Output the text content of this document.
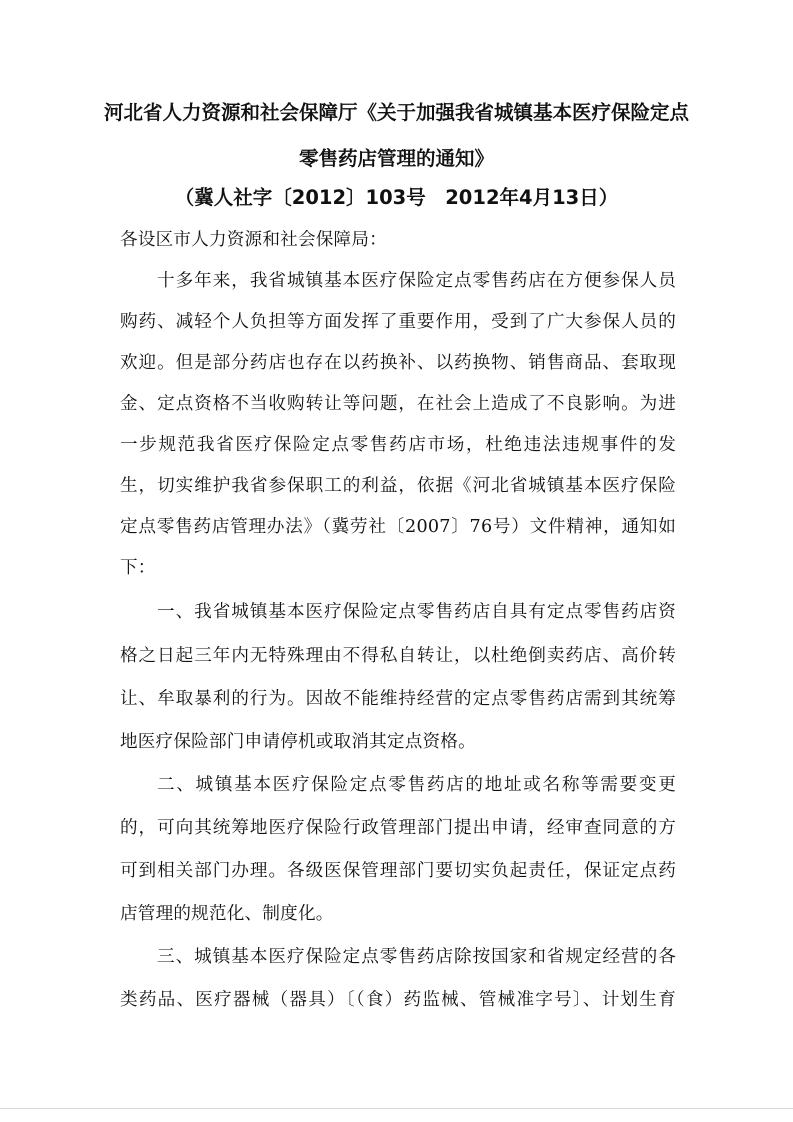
河北省人力资源和社会保障厅《关于加强我省城镇基本医疗保险定点
零售药店管理的通知》
（冀人社字〔2012〕103号　2012年4月13日）
各设区市人力资源和社会保障局：
十多年来，我省城镇基本医疗保险定点零售药店在方便参保人员
购药、减轻个人负担等方面发挥了重要作用，受到了广大参保人员的
欢迎。但是部分药店也存在以药换补、以药换物、销售商品、套取现
金、定点资格不当收购转让等问题，在社会上造成了不良影响。为进
一步规范我省医疗保险定点零售药店市场，杜绝违法违规事件的发
生，切实维护我省参保职工的利益，依据《河北省城镇基本医疗保险
定点零售药店管理办法》（冀劳社〔2007〕76号）文件精神，通知如
下：
一、我省城镇基本医疗保险定点零售药店自具有定点零售药店资
格之日起三年内无特殊理由不得私自转让，以杜绝倒卖药店、高价转
让、牟取暴利的行为。因故不能维持经营的定点零售药店需到其统筹
地医疗保险部门申请停机或取消其定点资格。
二、城镇基本医疗保险定点零售药店的地址或名称等需要变更
的，可向其统筹地医疗保险行政管理部门提出申请，经审查同意的方
可到相关部门办理。各级医保管理部门要切实负起责任，保证定点药
店管理的规范化、制度化。
三、城镇基本医疗保险定点零售药店除按国家和省规定经营的各
类药品、医疗器械（器具）〔（食）药监械、管械准字号〕、计划生育
